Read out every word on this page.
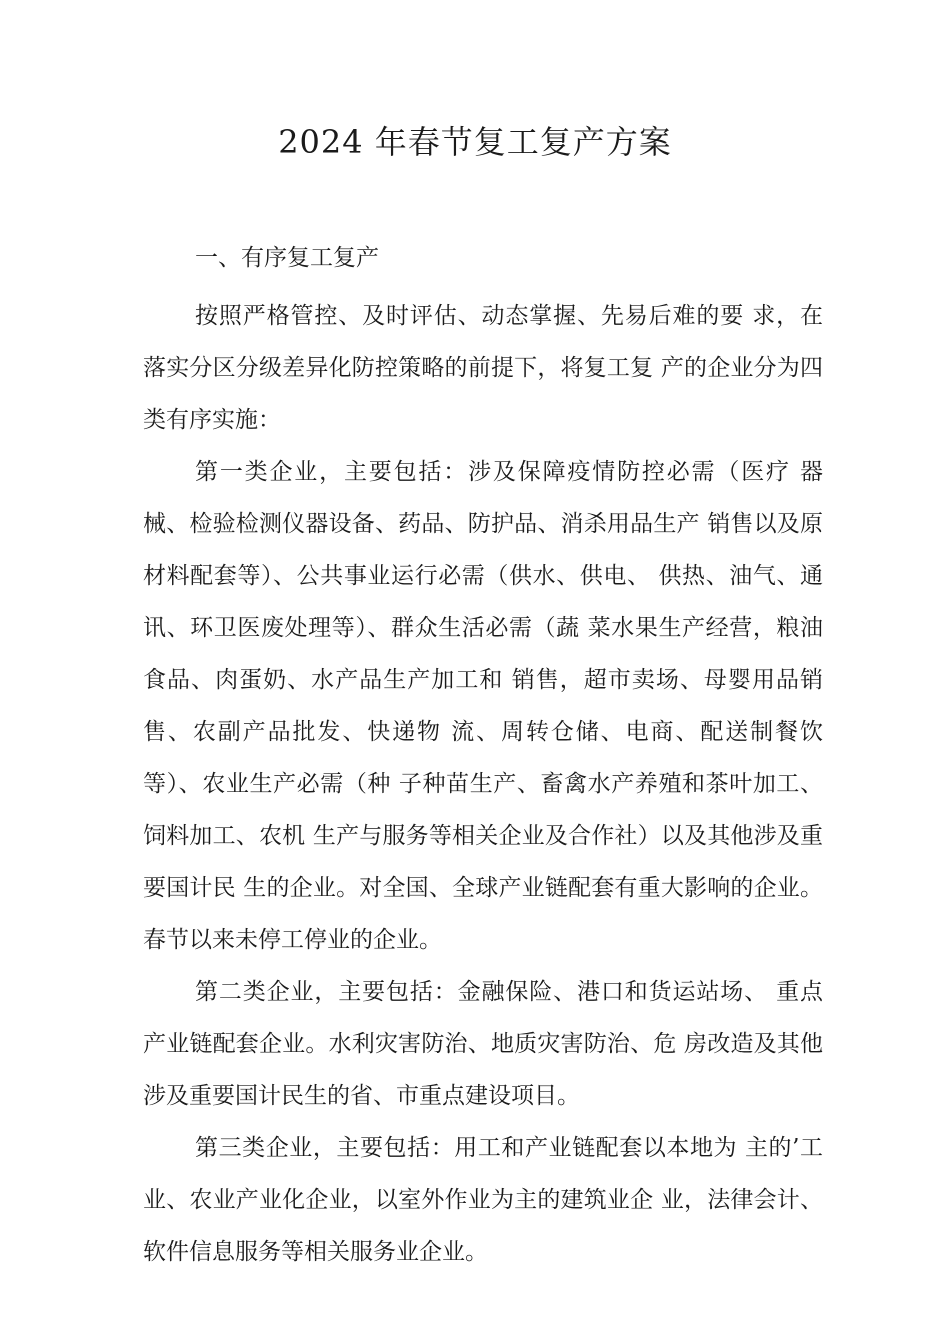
2024 年春节复工复产方案
一、有序复工复产

按照严格管控、及时评估、动态掌握、先易后难的要 求，在落实分区分级差异化防控策略的前提下，将复工复 产的企业分为四类有序实施：

第一类企业，主要包括：涉及保障疫情防控必需（医疗 器械、检验检测仪器设备、药品、防护品、消杀用品生产 销售以及原材料配套等）、公共事业运行必需（供水、供电、 供热、油气、通讯、环卫医废处理等）、群众生活必需（蔬 菜水果生产经营，粮油食品、肉蛋奶、水产品生产加工和 销售，超市卖场、母婴用品销售、农副产品批发、快递物 流、周转仓储、电商、配送制餐饮等）、农业生产必需（种 子种苗生产、畜禽水产养殖和茶叶加工、饲料加工、农机 生产与服务等相关企业及合作社）以及其他涉及重要国计民 生的企业。对全国、全球产业链配套有重大影响的企业。 春节以来未停工停业的企业。

第二类企业，主要包括：金融保险、港口和货运站场、 重点产业链配套企业。水利灾害防治、地质灾害防治、危 房改造及其他涉及重要国计民生的省、市重点建设项目。

第三类企业，主要包括：用工和产业链配套以本地为 主的’工业、农业产业化企业，以室外作业为主的建筑业企 业，法律会计、软件信息服务等相关服务业企业。
